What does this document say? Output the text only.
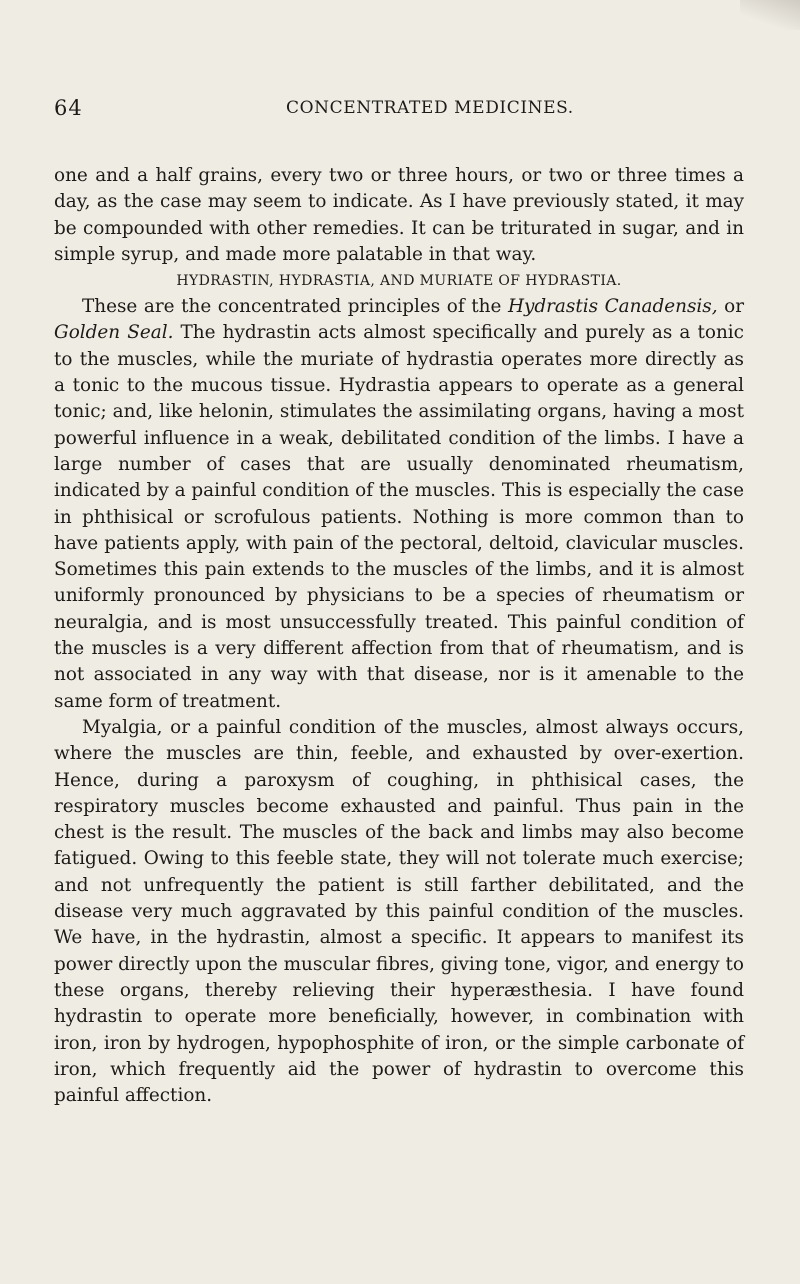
64	CONCENTRATED MEDICINES.

one and a half grains, every two or three hours, or two or three times a day, as the case may seem to indicate. As I have previously stated, it may be compounded with other remedies. It can be triturated in sugar, and in simple syrup, and made more palatable in that way.

HYDRASTIN, HYDRASTIA, AND MURIATE OF HYDRASTIA.

These are the concentrated principles of the Hydrastis Canadensis, or Golden Seal. The hydrastin acts almost specifically and purely as a tonic to the muscles, while the muriate of hydrastia operates more directly as a tonic to the mucous tissue. Hydrastia appears to operate as a general tonic; and, like helonin, stimulates the assimilating organs, having a most powerful influence in a weak, debilitated condition of the limbs. I have a large number of cases that are usually denominated rheumatism, indicated by a painful condition of the muscles. This is especially the case in phthisical or scrofulous patients. Nothing is more common than to have patients apply, with pain of the pectoral, deltoid, clavicular muscles. Sometimes this pain extends to the muscles of the limbs, and it is almost uniformly pronounced by physicians to be a species of rheumatism or neuralgia, and is most unsuccessfully treated. This painful condition of the muscles is a very different affection from that of rheumatism, and is not associated in any way with that disease, nor is it amenable to the same form of treatment.

Myalgia, or a painful condition of the muscles, almost always occurs, where the muscles are thin, feeble, and exhausted by over-exertion. Hence, during a paroxysm of coughing, in phthisical cases, the respiratory muscles become exhausted and painful. Thus pain in the chest is the result. The muscles of the back and limbs may also become fatigued. Owing to this feeble state, they will not tolerate much exercise; and not unfrequently the patient is still farther debilitated, and the disease very much aggravated by this painful condition of the muscles. We have, in the hydrastin, almost a specific. It appears to manifest its power directly upon the muscular fibres, giving tone, vigor, and energy to these organs, thereby relieving their hyperæsthesia. I have found hydrastin to operate more beneficially, however, in combination with iron, iron by hydrogen, hypophosphite of iron, or the simple carbonate of iron, which frequently aid the power of hydrastin to overcome this painful affection.
